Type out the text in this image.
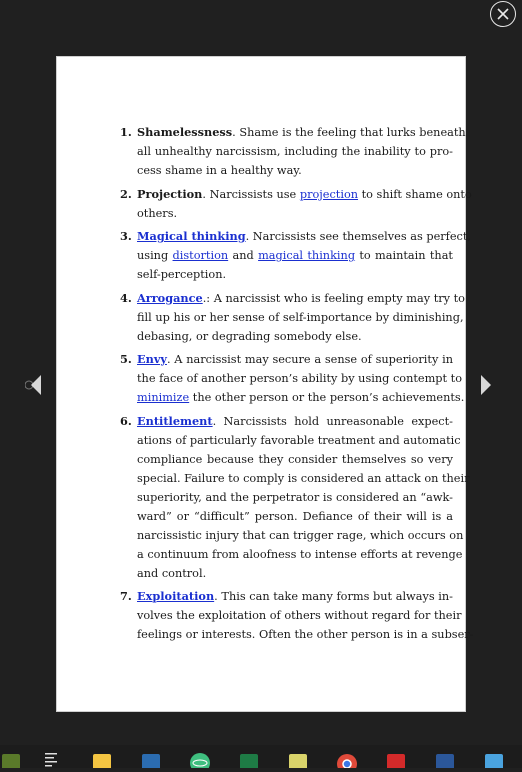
1. Shamelessness. Shame is the feeling that lurks beneath
all unhealthy narcissism, including the inability to pro-
cess shame in a healthy way.
2. Projection. Narcissists use projection to shift shame onto
others.
3. Magical thinking. Narcissists see themselves as perfect,
using distortion and magical thinking to maintain that
self-perception.
4. Arrogance.: A narcissist who is feeling empty may try to
fill up his or her sense of self-importance by diminishing,
debasing, or degrading somebody else.
5. Envy. A narcissist may secure a sense of superiority in
the face of another person’s ability by using contempt to
minimize the other person or the person’s achievements.
6. Entitlement. Narcissists hold unreasonable expect-
ations of particularly favorable treatment and automatic
compliance because they consider themselves so very
special. Failure to comply is considered an attack on their
superiority, and the perpetrator is considered an “awk-
ward” or “difficult” person. Defiance of their will is a
narcissistic injury that can trigger rage, which occurs on
a continuum from aloofness to intense efforts at revenge
and control.
7. Exploitation. This can take many forms but always in-
volves the exploitation of others without regard for their
feelings or interests. Often the other person is in a subser-
